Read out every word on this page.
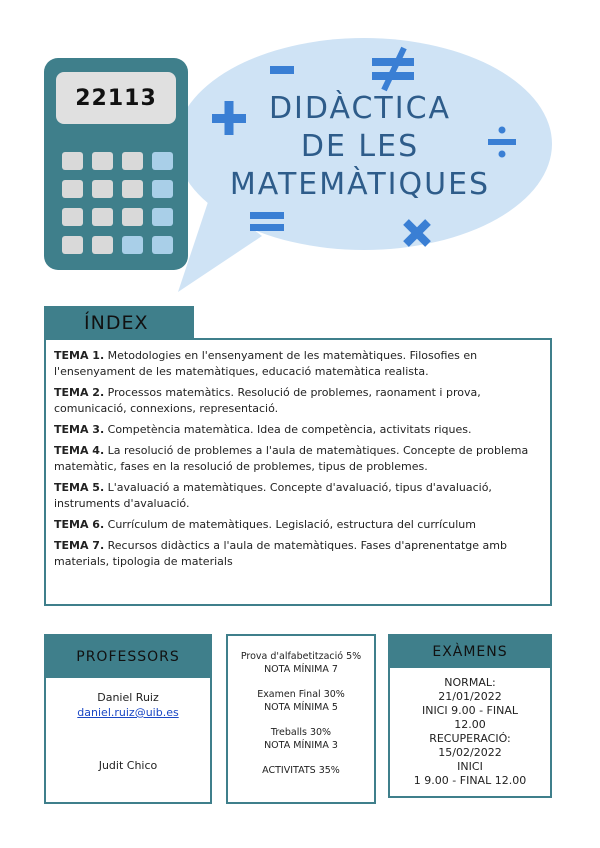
22113	DIDÀCTICA
DE LES
MATEMÀTIQUES
ÍNDEX
TEMA 1. Metodologies en l'ensenyament de les matemàtiques. Filosofies en l'ensenyament de les matemàtiques, educació matemàtica realista.
TEMA 2. Processos matemàtics. Resolució de problemes, raonament i prova, comunicació, connexions, representació.
TEMA 3. Competència matemàtica. Idea de competència, activitats riques.
TEMA 4. La resolució de problemes a l'aula de matemàtiques. Concepte de problema matemàtic, fases en la resolució de problemes, tipus de problemes.
TEMA 5. L'avaluació a matemàtiques. Concepte d'avaluació, tipus d'avaluació, instruments d'avaluació.
TEMA 6. Currículum de matemàtiques. Legislació, estructura del currículum
TEMA 7. Recursos didàctics a l'aula de matemàtiques. Fases d'aprenentatge amb materials, tipologia de materials
PROFESSORS
Daniel Ruiz
daniel.ruiz@uib.es
Judit Chico

Prova d'alfabetització 5%
NOTA MÍNIMA 7

Examen Final 30%
NOTA MÍNIMA 5

Treballs 30%
NOTA MÍNIMA 3

ACTIVITATS 35%

EXÀMENS
NORMAL:
21/01/2022
INICI 9.00 - FINAL
12.00
RECUPERACIÓ:
15/02/2022
INICI
1 9.00 - FINAL 12.00
